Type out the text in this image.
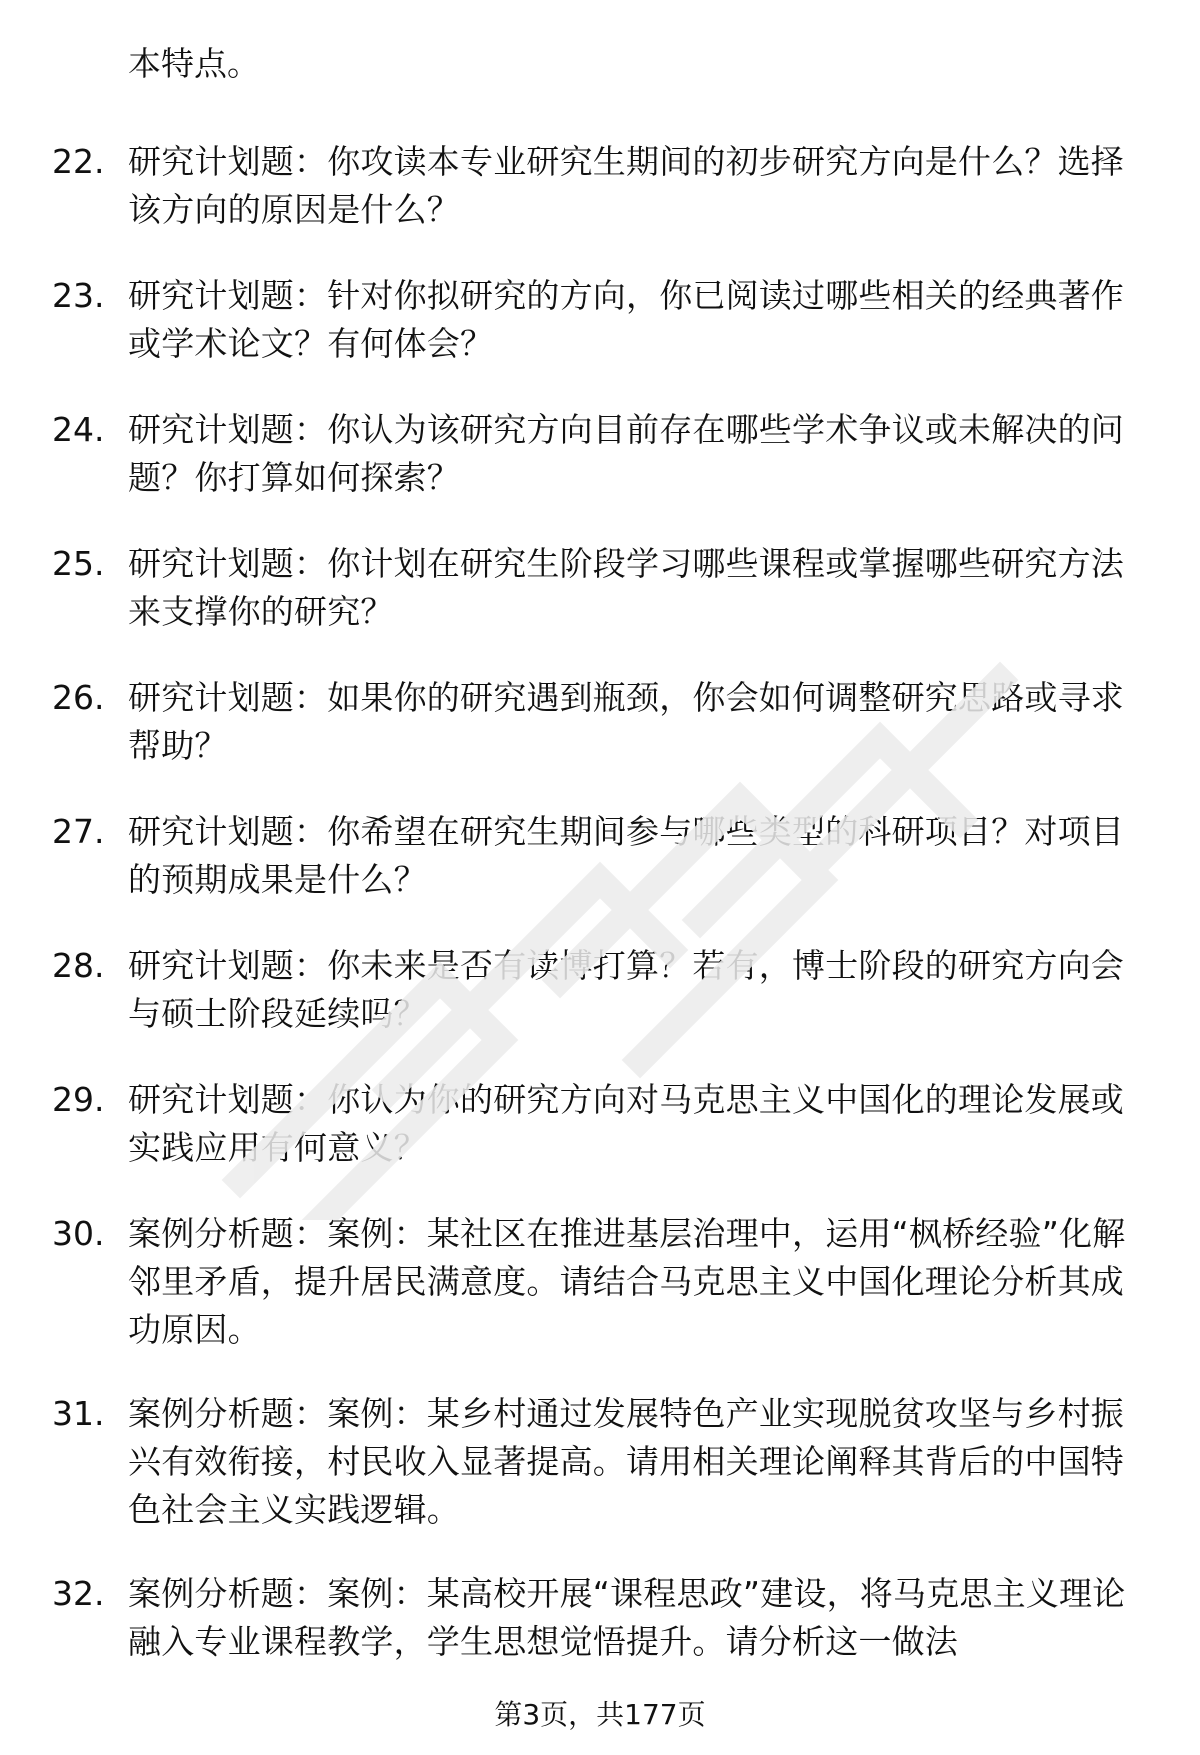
本特点。
22. 研究计划题：你攻读本专业研究生期间的初步研究方向是什么？选择该方向的原因是什么？
23. 研究计划题：针对你拟研究的方向，你已阅读过哪些相关的经典著作或学术论文？有何体会？
24. 研究计划题：你认为该研究方向目前存在哪些学术争议或未解决的问题？你打算如何探索？
25. 研究计划题：你计划在研究生阶段学习哪些课程或掌握哪些研究方法来支撑你的研究？
26. 研究计划题：如果你的研究遇到瓶颈，你会如何调整研究思路或寻求帮助？
27. 研究计划题：你希望在研究生期间参与哪些类型的科研项目？对项目的预期成果是什么？
28. 研究计划题：你未来是否有读博打算？若有，博士阶段的研究方向会与硕士阶段延续吗？
29. 研究计划题：你认为你的研究方向对马克思主义中国化的理论发展或实践应用有何意义？
30. 案例分析题：案例：某社区在推进基层治理中，运用“枫桥经验”化解邻里矛盾，提升居民满意度。请结合马克思主义中国化理论分析其成功原因。
31. 案例分析题：案例：某乡村通过发展特色产业实现脱贫攻坚与乡村振兴有效衔接，村民收入显著提高。请用相关理论阐释其背后的中国特色社会主义实践逻辑。
32. 案例分析题：案例：某高校开展“课程思政”建设，将马克思主义理论融入专业课程教学，学生思想觉悟提升。请分析这一做法
第3页，共177页
